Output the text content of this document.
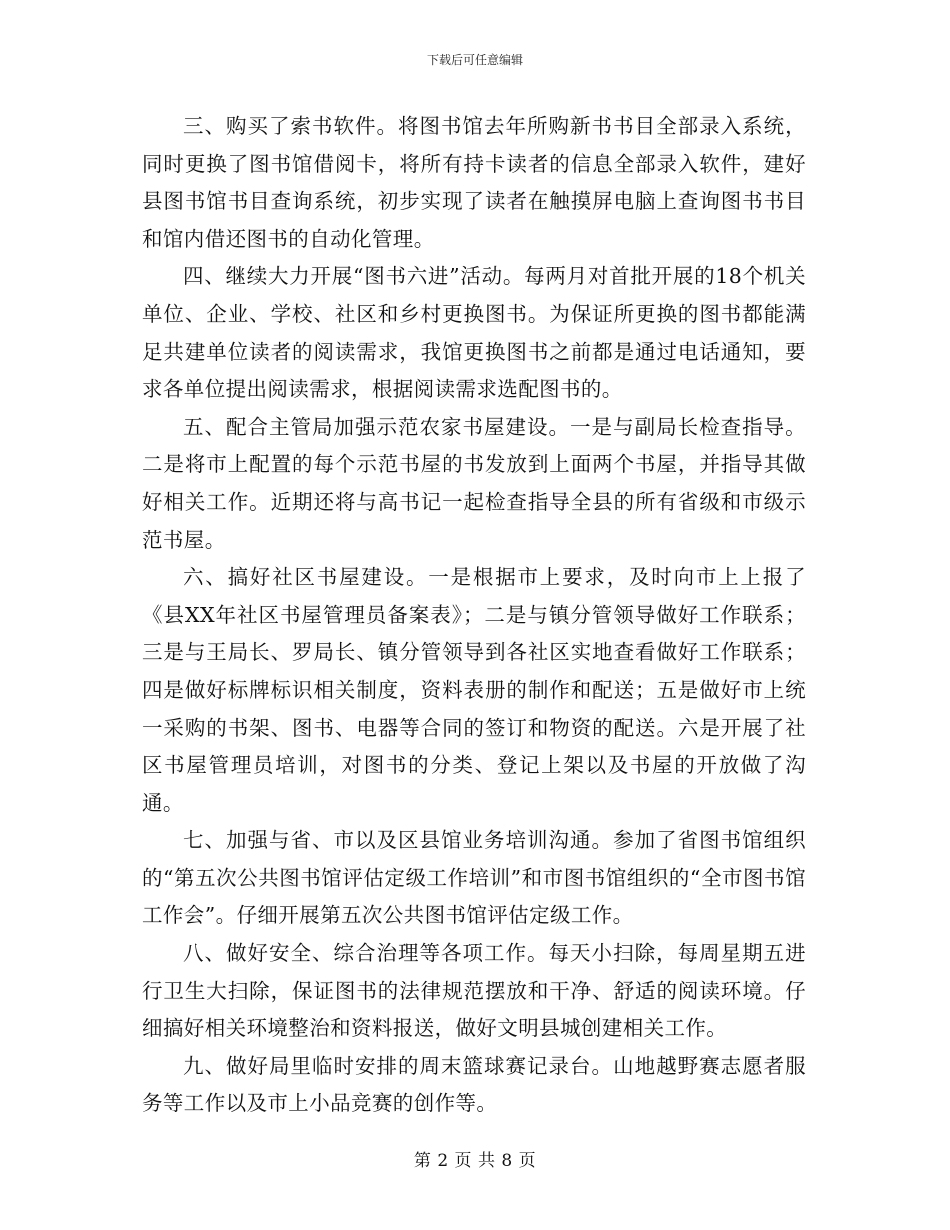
下载后可任意编辑

三、购买了索书软件。将图书馆去年所购新书书目全部录入系统，同时更换了图书馆借阅卡，将所有持卡读者的信息全部录入软件，建好县图书馆书目查询系统，初步实现了读者在触摸屏电脑上查询图书书目和馆内借还图书的自动化管理。

四、继续大力开展“图书六进”活动。每两月对首批开展的18个机关单位、企业、学校、社区和乡村更换图书。为保证所更换的图书都能满足共建单位读者的阅读需求，我馆更换图书之前都是通过电话通知，要求各单位提出阅读需求，根据阅读需求选配图书的。

五、配合主管局加强示范农家书屋建设。一是与副局长检查指导。二是将市上配置的每个示范书屋的书发放到上面两个书屋，并指导其做好相关工作。近期还将与高书记一起检查指导全县的所有省级和市级示范书屋。

六、搞好社区书屋建设。一是根据市上要求，及时向市上上报了《县XX年社区书屋管理员备案表》；二是与镇分管领导做好工作联系；三是与王局长、罗局长、镇分管领导到各社区实地查看做好工作联系；四是做好标牌标识相关制度，资料表册的制作和配送；五是做好市上统一采购的书架、图书、电器等合同的签订和物资的配送。六是开展了社区书屋管理员培训，对图书的分类、登记上架以及书屋的开放做了沟通。

七、加强与省、市以及区县馆业务培训沟通。参加了省图书馆组织的“第五次公共图书馆评估定级工作培训”和市图书馆组织的“全市图书馆工作会”。仔细开展第五次公共图书馆评估定级工作。

八、做好安全、综合治理等各项工作。每天小扫除，每周星期五进行卫生大扫除，保证图书的法律规范摆放和干净、舒适的阅读环境。仔细搞好相关环境整治和资料报送，做好文明县城创建相关工作。

九、做好局里临时安排的周末篮球赛记录台。山地越野赛志愿者服务等工作以及市上小品竞赛的创作等。

第 2 页 共 8 页
